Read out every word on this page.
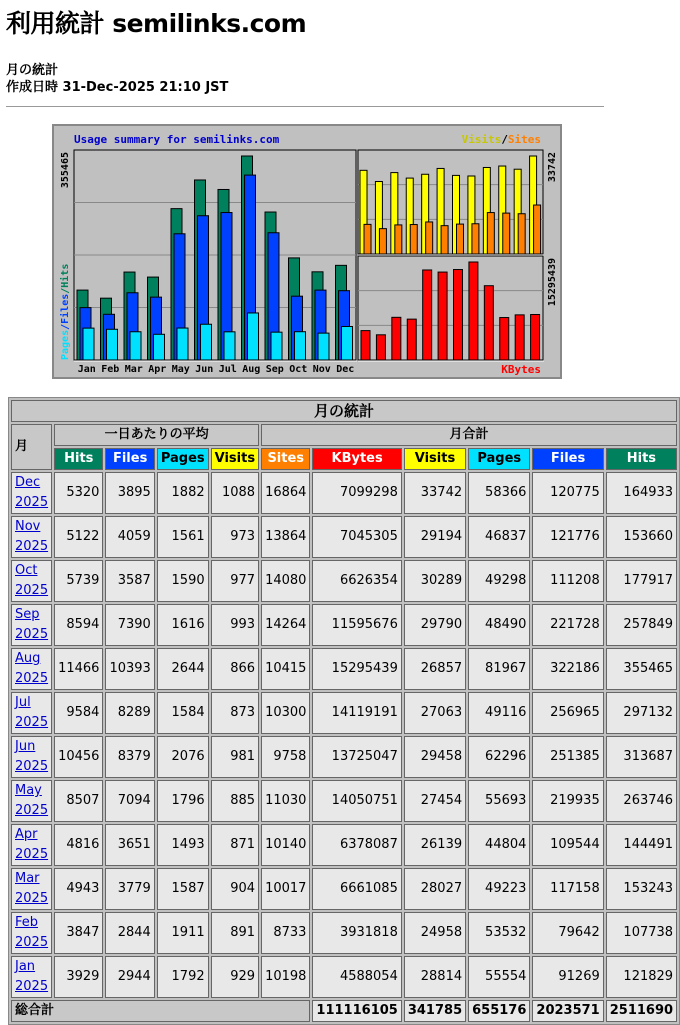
利用統計 semilinks.com
月の統計
作成日時 31-Dec-2025 21:10 JST
Usage summary for semilinks.com	Sites
/
Visits
KBytes
355465
Pages/Files/Hits
33742
15295439
Jan Feb Mar Apr May Jun Jul Aug Sep Oct Nov Dec
月の統計										
月	一日あたりの平均				月合計					
	Hits	Files	Pages	Visits	Sites	KBytes	Visits	Pages	Files	Hits
Dec 2025	5320	3895	1882	1088	16864	7099298	33742	58366	120775	164933
Nov 2025	5122	4059	1561	973	13864	7045305	29194	46837	121776	153660
Oct 2025	5739	3587	1590	977	14080	6626354	30289	49298	111208	177917
Sep 2025	8594	7390	1616	993	14264	11595676	29790	48490	221728	257849
Aug 2025	11466	10393	2644	866	10415	15295439	26857	81967	322186	355465
Jul 2025	9584	8289	1584	873	10300	14119191	27063	49116	256965	297132
Jun 2025	10456	8379	2076	981	9758	13725047	29458	62296	251385	313687
May 2025	8507	7094	1796	885	11030	14050751	27454	55693	219935	263746
Apr 2025	4816	3651	1493	871	10140	6378087	26139	44804	109544	144491
Mar 2025	4943	3779	1587	904	10017	6661085	28027	49223	117158	153243
Feb 2025	3847	2844	1911	891	8733	3931818	24958	53532	79642	107738
Jan 2025	3929	2944	1792	929	10198	4588054	28814	55554	91269	121829
総合計						111116105	341785	655176	2023571	2511690
